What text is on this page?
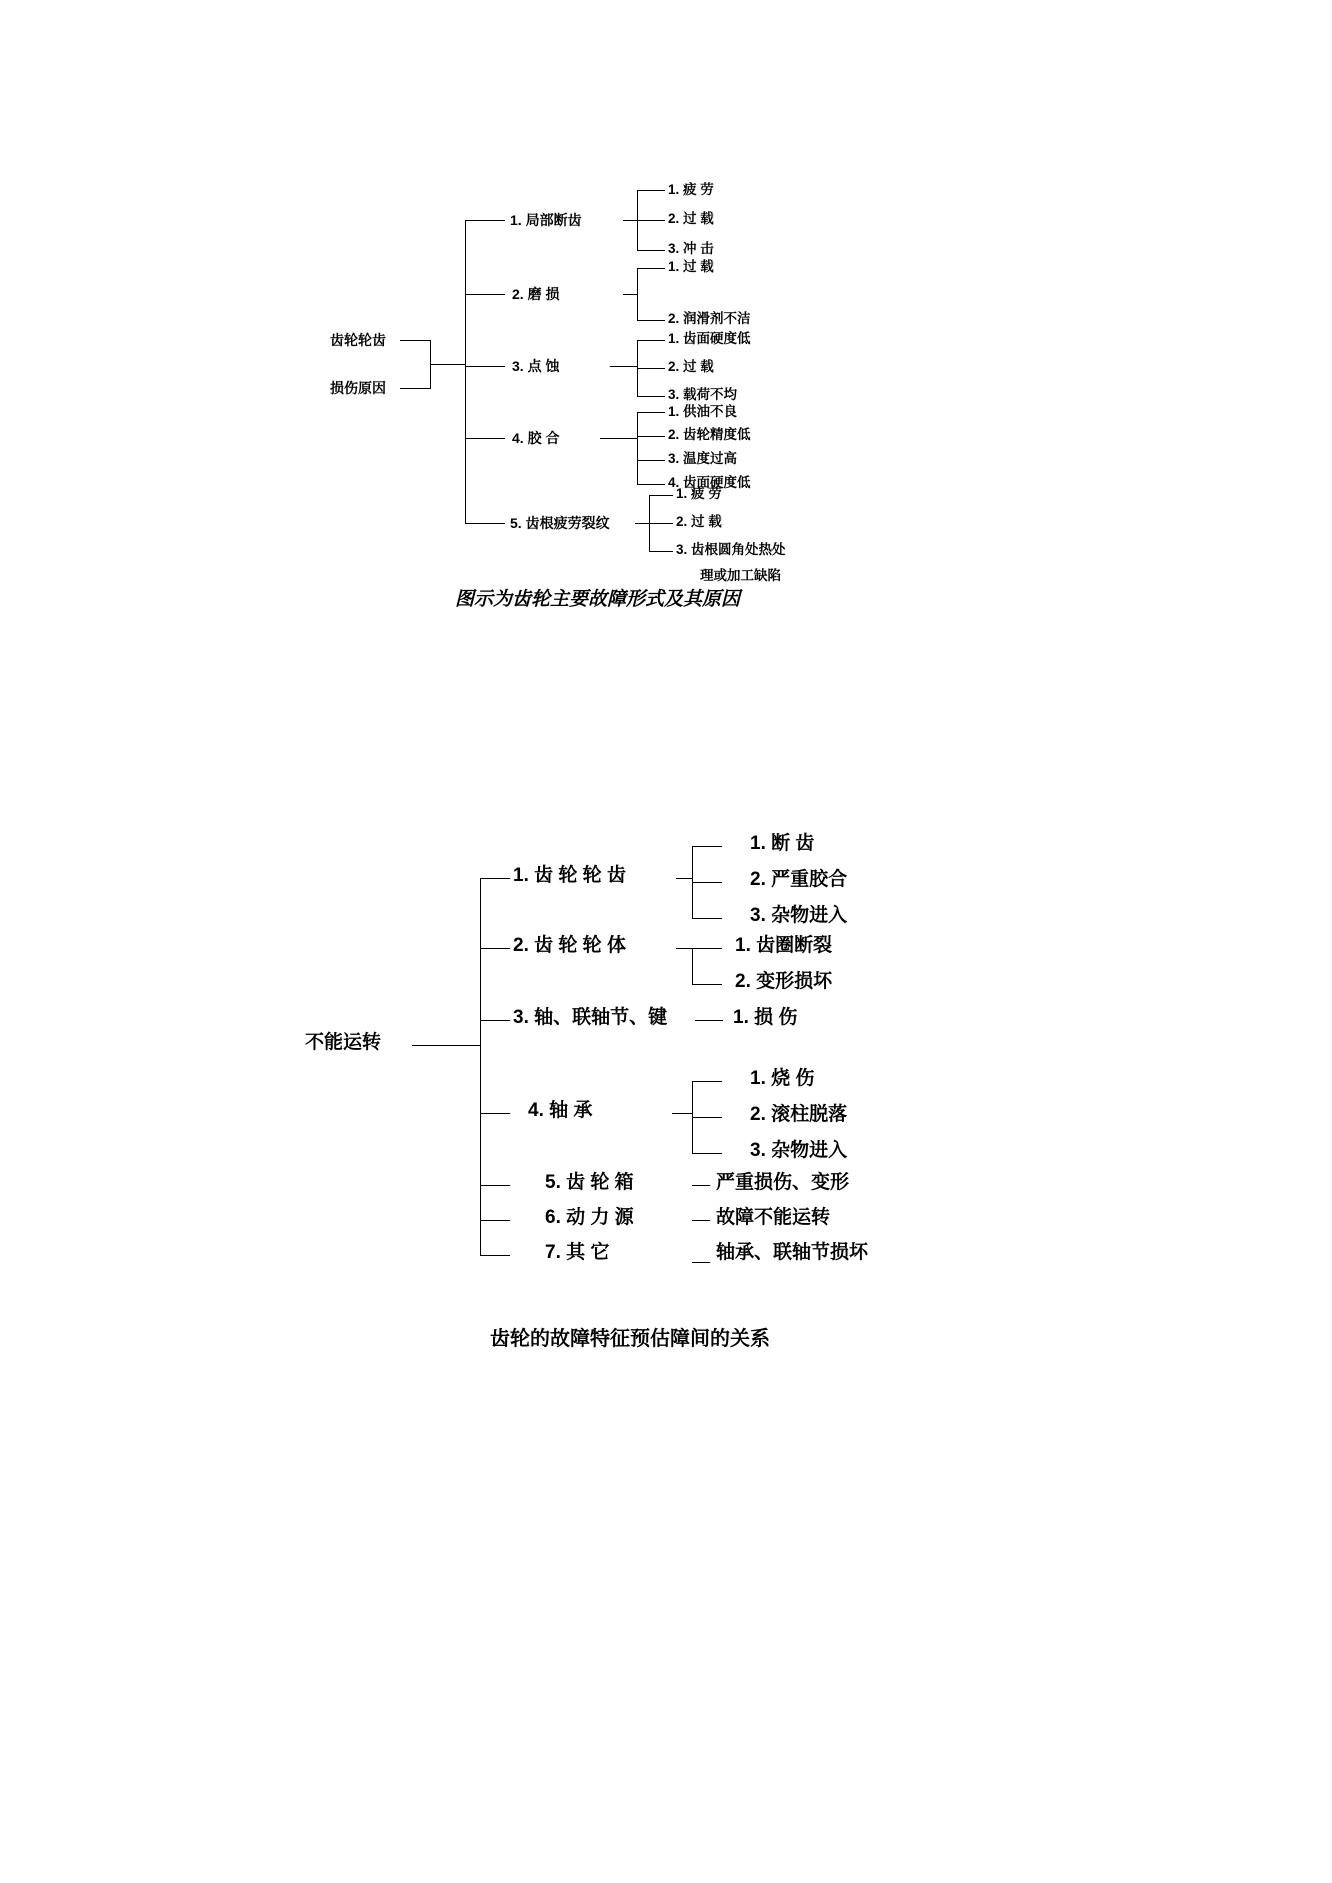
齿轮轮齿
损伤原因
1. 局部断齿
1. 疲 劳
2. 过 载
3. 冲 击
2. 磨 损
1. 过 载
2. 润滑剂不洁
3. 点 蚀
1. 齿面硬度低
2. 过 载
3. 载荷不均
4. 胶 合
1. 供油不良
2. 齿轮精度低
3. 温度过高
4. 齿面硬度低
5. 齿根疲劳裂纹
1. 疲 劳
2. 过 载
3. 齿根圆角处热处
理或加工缺陷
图示为齿轮主要故障形式及其原因
不能运转
1. 齿 轮 轮 齿
1. 断 齿
2. 严重胶合
3. 杂物进入
2. 齿 轮 轮 体	1. 齿圈断裂
2. 变形损坏
3. 轴、联轴节、键	1. 损 伤
4. 轴 承
1. 烧 伤
2. 滚柱脱落
3. 杂物进入
5. 齿 轮 箱	严重损伤、变形
6. 动 力 源	故障不能运转
7. 其 它	轴承、联轴节损坏
齿轮的故障特征预估障间的关系
